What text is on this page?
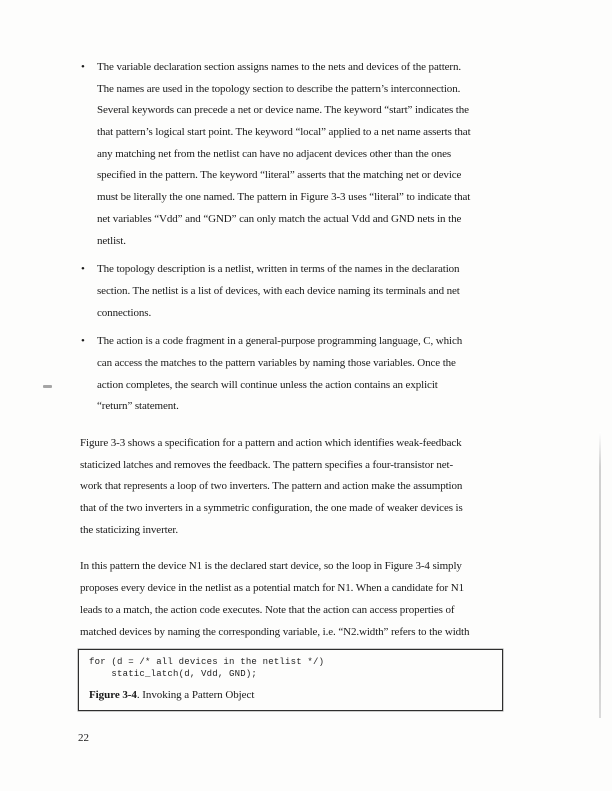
• The variable declaration section assigns names to the nets and devices of the pattern.
The names are used in the topology section to describe the pattern’s interconnection.
Several keywords can precede a net or device name. The keyword “start” indicates the
that pattern’s logical start point. The keyword “local” applied to a net name asserts that
any matching net from the netlist can have no adjacent devices other than the ones
specified in the pattern. The keyword “literal” asserts that the matching net or device
must be literally the one named. The pattern in Figure 3-3 uses “literal” to indicate that
net variables “Vdd” and “GND” can only match the actual Vdd and GND nets in the
netlist.
• The topology description is a netlist, written in terms of the names in the declaration
section. The netlist is a list of devices, with each device naming its terminals and net
connections.
• The action is a code fragment in a general-purpose programming language, C, which
can access the matches to the pattern variables by naming those variables. Once the
action completes, the search will continue unless the action contains an explicit
“return” statement.
Figure 3-3 shows a specification for a pattern and action which identifies weak-feedback
staticized latches and removes the feedback. The pattern specifies a four-transistor net-
work that represents a loop of two inverters. The pattern and action make the assumption
that of the two inverters in a symmetric configuration, the one made of weaker devices is
the staticizing inverter.
In this pattern the device N1 is the declared start device, so the loop in Figure 3-4 simply
proposes every device in the netlist as a potential match for N1. When a candidate for N1
leads to a match, the action code executes. Note that the action can access properties of
matched devices by naming the corresponding variable, i.e. “N2.width” refers to the width
for (d = /* all devices in the netlist */)
static_latch(d, Vdd, GND);
Figure 3-4. Invoking a Pattern Object
22
